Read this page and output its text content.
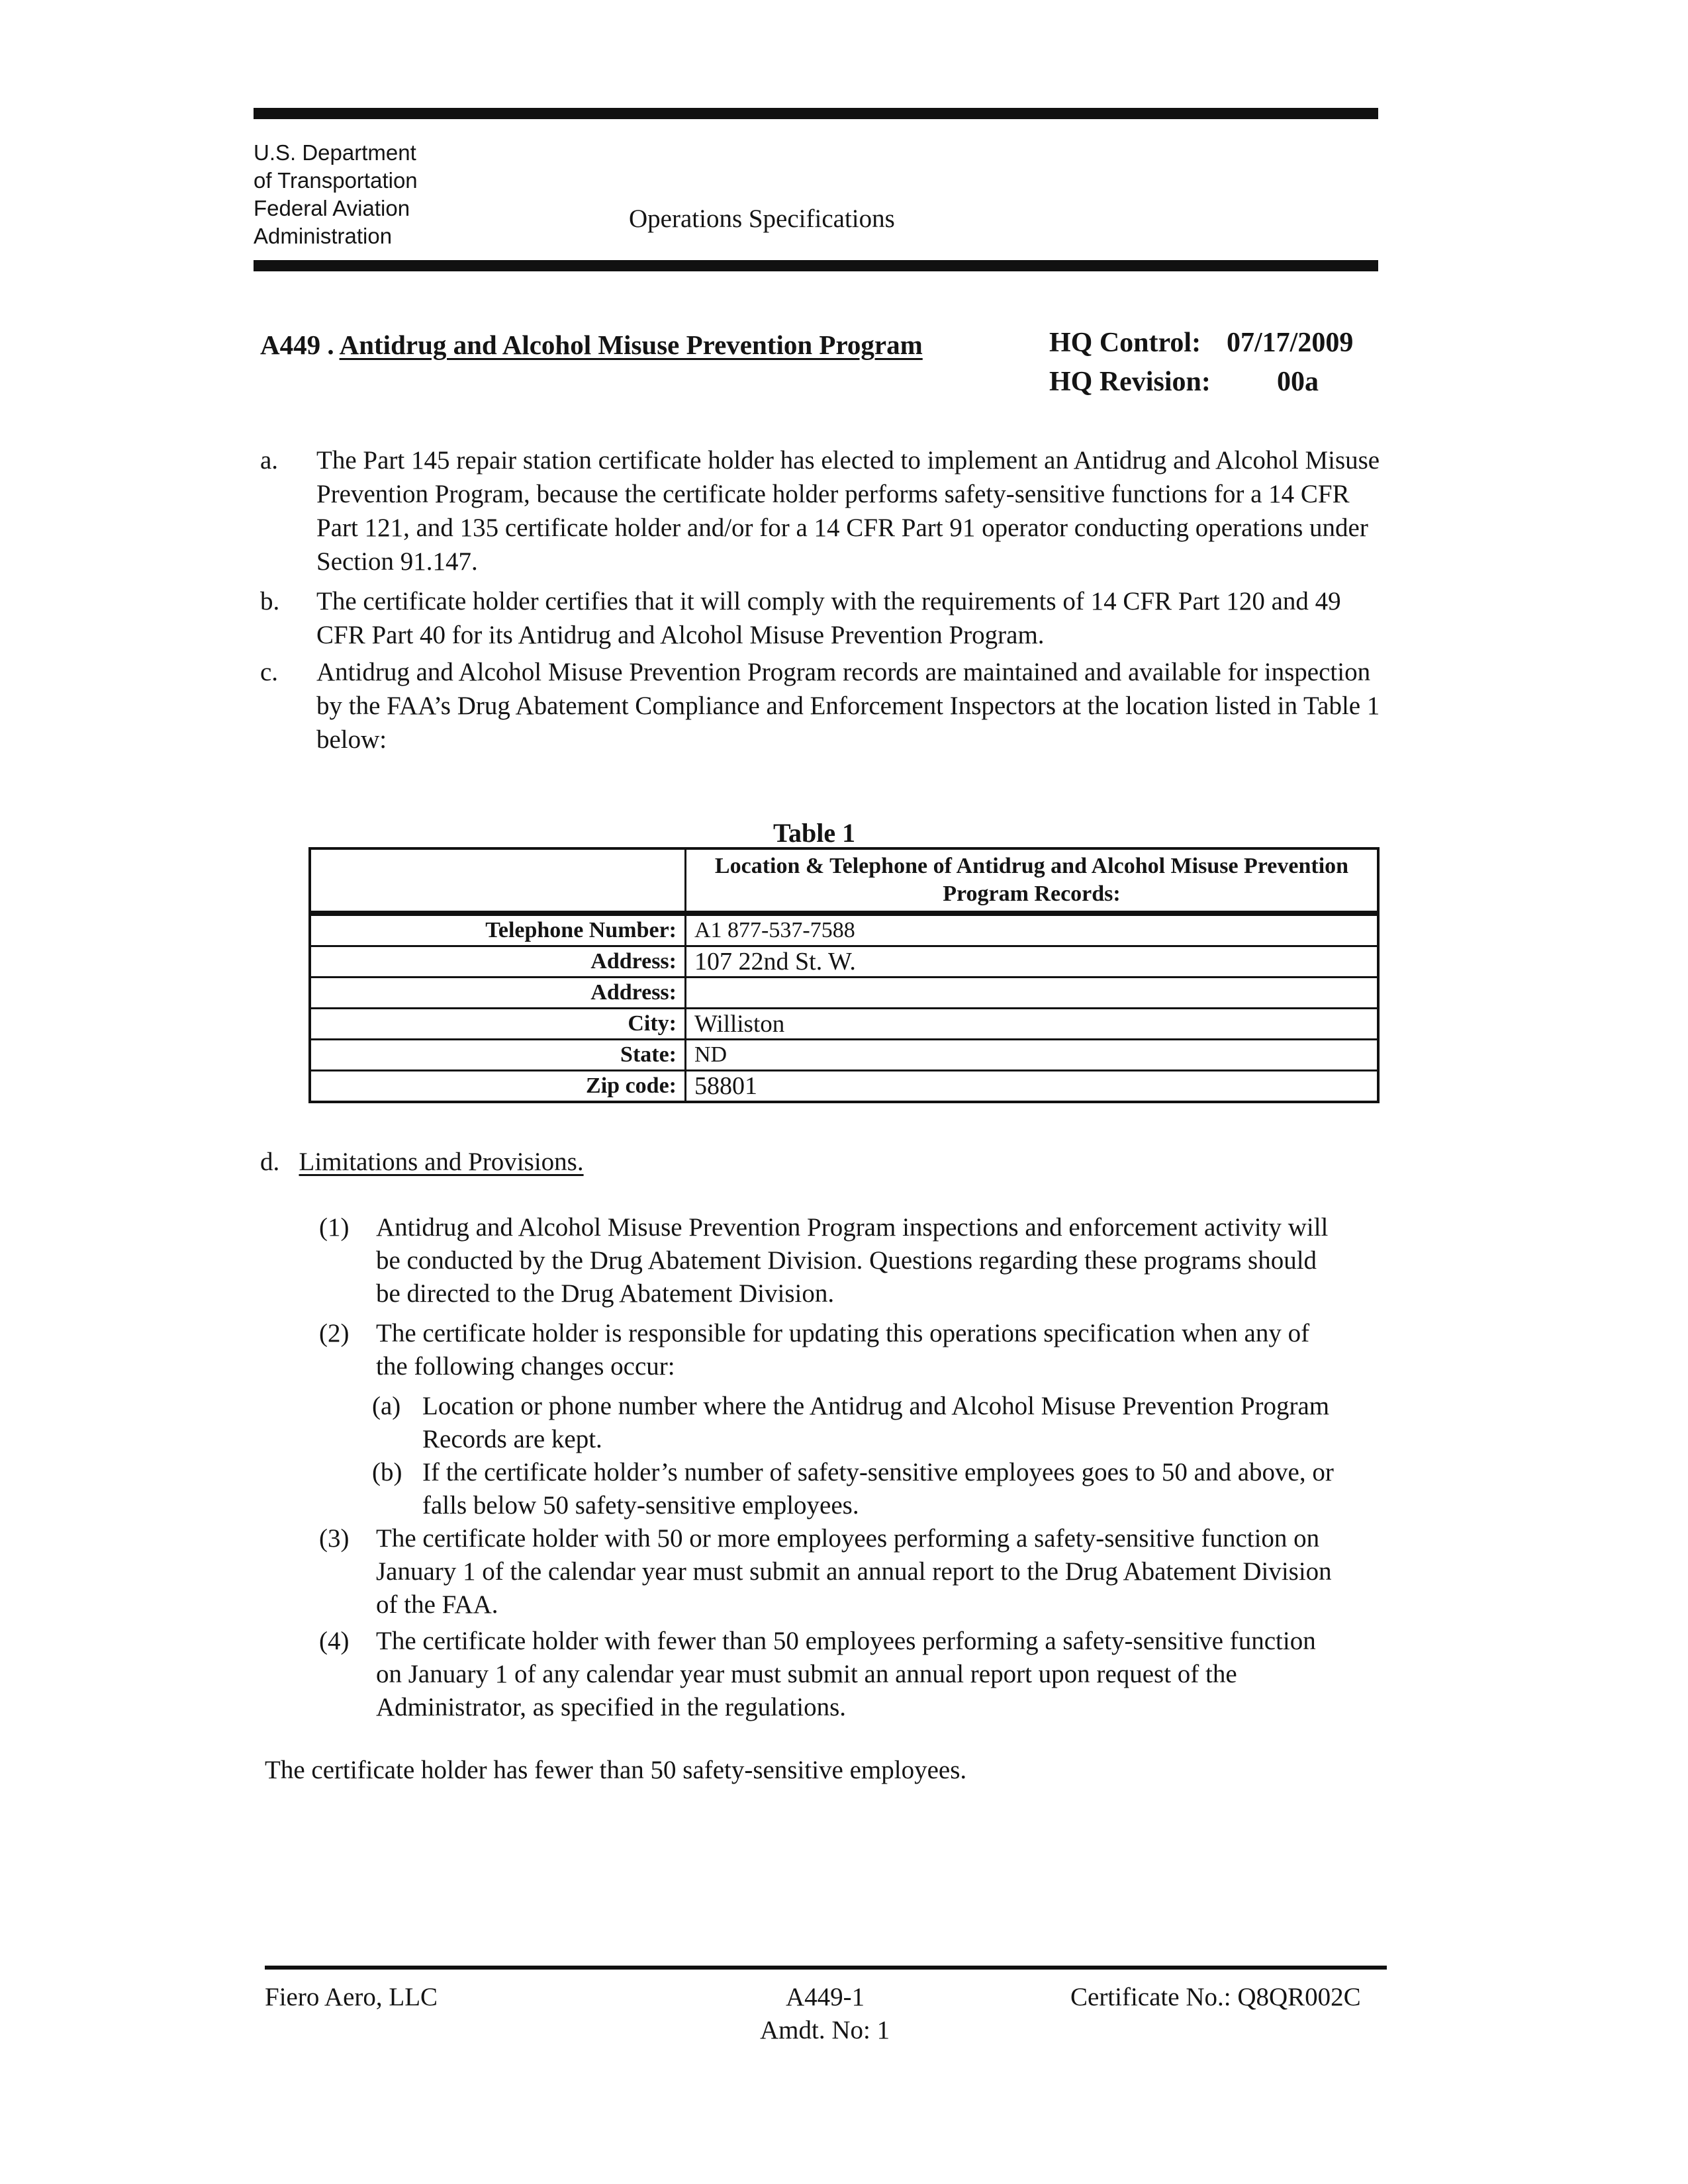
U.S. Department
of Transportation
Federal Aviation
Administration
Operations Specifications
A449 . Antidrug and Alcohol Misuse Prevention Program	HQ Control: 07/17/2009
HQ Revision: 00a
a. The Part 145 repair station certificate holder has elected to implement an Antidrug and Alcohol Misuse Prevention Program, because the certificate holder performs safety-sensitive functions for a 14 CFR Part 121, and 135 certificate holder and/or for a 14 CFR Part 91 operator conducting operations under Section 91.147.
b. The certificate holder certifies that it will comply with the requirements of 14 CFR Part 120 and 49 CFR Part 40 for its Antidrug and Alcohol Misuse Prevention Program.
c. Antidrug and Alcohol Misuse Prevention Program records are maintained and available for inspection by the FAA’s Drug Abatement Compliance and Enforcement Inspectors at the location listed in Table 1 below:
Table 1
	Location & Telephone of Antidrug and Alcohol Misuse Prevention Program Records:
Telephone Number:	A1 877-537-7588
Address:	107 22nd St. W.
Address:	
City:	Williston
State:	ND
Zip code:	58801
d. Limitations and Provisions.
(1) Antidrug and Alcohol Misuse Prevention Program inspections and enforcement activity will be conducted by the Drug Abatement Division. Questions regarding these programs should be directed to the Drug Abatement Division.
(2) The certificate holder is responsible for updating this operations specification when any of the following changes occur:
(a) Location or phone number where the Antidrug and Alcohol Misuse Prevention Program Records are kept.
(b) If the certificate holder’s number of safety-sensitive employees goes to 50 and above, or falls below 50 safety-sensitive employees.
(3) The certificate holder with 50 or more employees performing a safety-sensitive function on January 1 of the calendar year must submit an annual report to the Drug Abatement Division of the FAA.
(4) The certificate holder with fewer than 50 employees performing a safety-sensitive function on January 1 of any calendar year must submit an annual report upon request of the Administrator, as specified in the regulations.
The certificate holder has fewer than 50 safety-sensitive employees.
Fiero Aero, LLC	A449-1
Amdt. No: 1
Certificate No.: Q8QR002C
